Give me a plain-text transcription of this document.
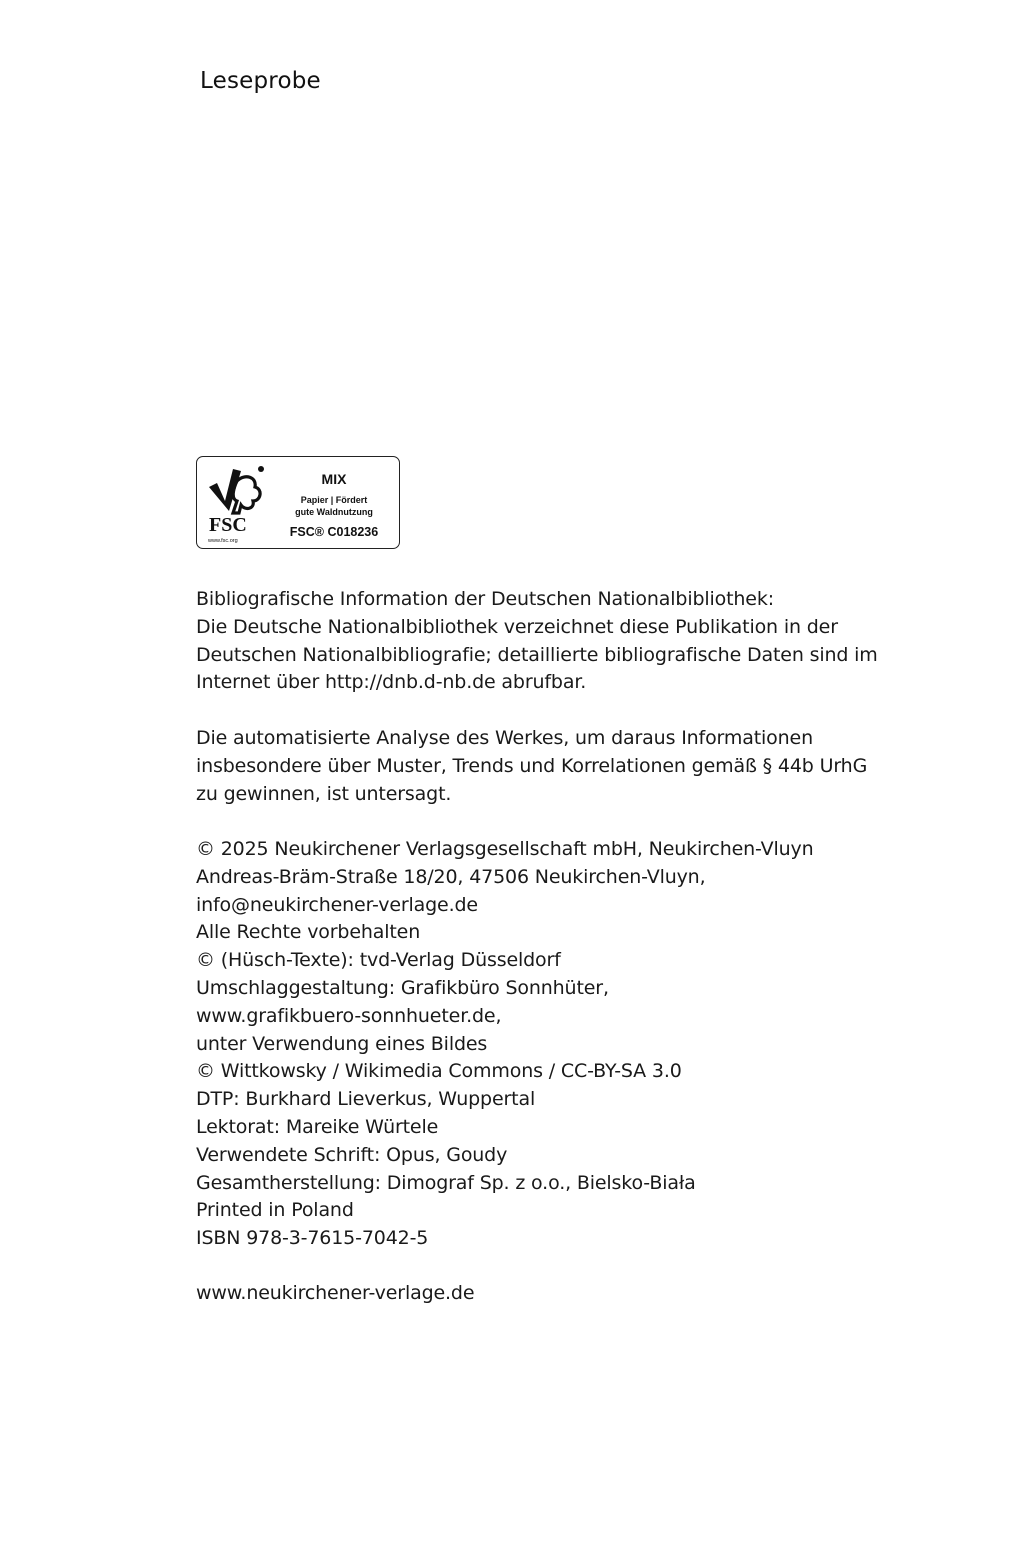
Leseprobe
FSC
www.fsc.org
MIX
Papier | Fördert
gute Waldnutzung
FSC® C018236
Bibliografische Information der Deutschen Nationalbibliothek:
Die Deutsche Nationalbibliothek verzeichnet diese Publikation in der
Deutschen Nationalbibliografie; detaillierte bibliografische Daten sind im
Internet über http://dnb.d-nb.de abrufbar.
Die automatisierte Analyse des Werkes, um daraus Informationen
insbesondere über Muster, Trends und Korrelationen gemäß § 44b UrhG
zu gewinnen, ist untersagt.
© 2025 Neukirchener Verlagsgesellschaft mbH, Neukirchen-Vluyn
Andreas-Bräm-Straße 18/20, 47506 Neukirchen-Vluyn,
info@neukirchener-verlage.de
Alle Rechte vorbehalten
© (Hüsch-Texte): tvd-Verlag Düsseldorf
Umschlaggestaltung: Grafikbüro Sonnhüter,
www.grafikbuero-sonnhueter.de,
unter Verwendung eines Bildes
© Wittkowsky / Wikimedia Commons / CC-BY-SA 3.0
DTP: Burkhard Lieverkus, Wuppertal
Lektorat: Mareike Würtele
Verwendete Schrift: Opus, Goudy
Gesamtherstellung: Dimograf Sp. z o.o., Bielsko-Biała
Printed in Poland
ISBN 978-3-7615-7042-5
www.neukirchener-verlage.de
